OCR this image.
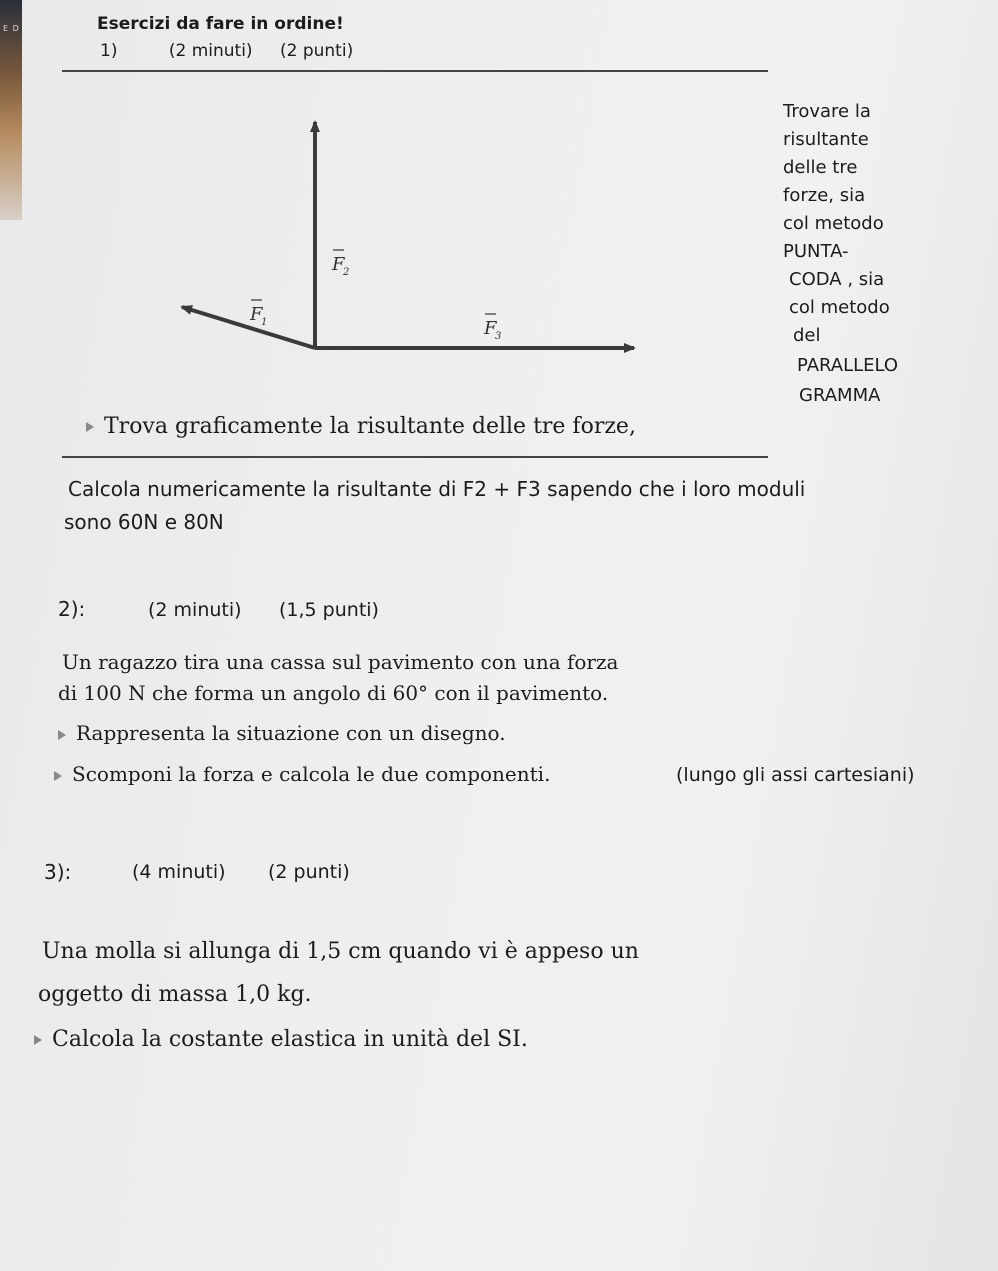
E D	Esercizi da fare in ordine!
1)	(2 minuti) (2 punti)
F
2
F
1	F
3
Trova graficamente la risultante delle tre forze,
Trovare la
risultante
delle tre
forze, sia
col metodo
PUNTA-
CODA , sia
col metodo
del
PARALLELO
GRAMMA
Calcola numericamente la risultante di F2 + F3 sapendo che i loro moduli
sono 60N e 80N
2):	(2 minuti) (1,5 punti)
Un ragazzo tira una cassa sul pavimento con una forza
di 100 N che forma un angolo di 60° con il pavimento.
Rappresenta la situazione con un disegno.
Scomponi la forza e calcola le due componenti.	(lungo gli assi cartesiani)
3):	(4 minuti) (2 punti)
Una molla si allunga di 1,5 cm quando vi è appeso un
oggetto di massa 1,0 kg.
Calcola la costante elastica in unità del SI.
